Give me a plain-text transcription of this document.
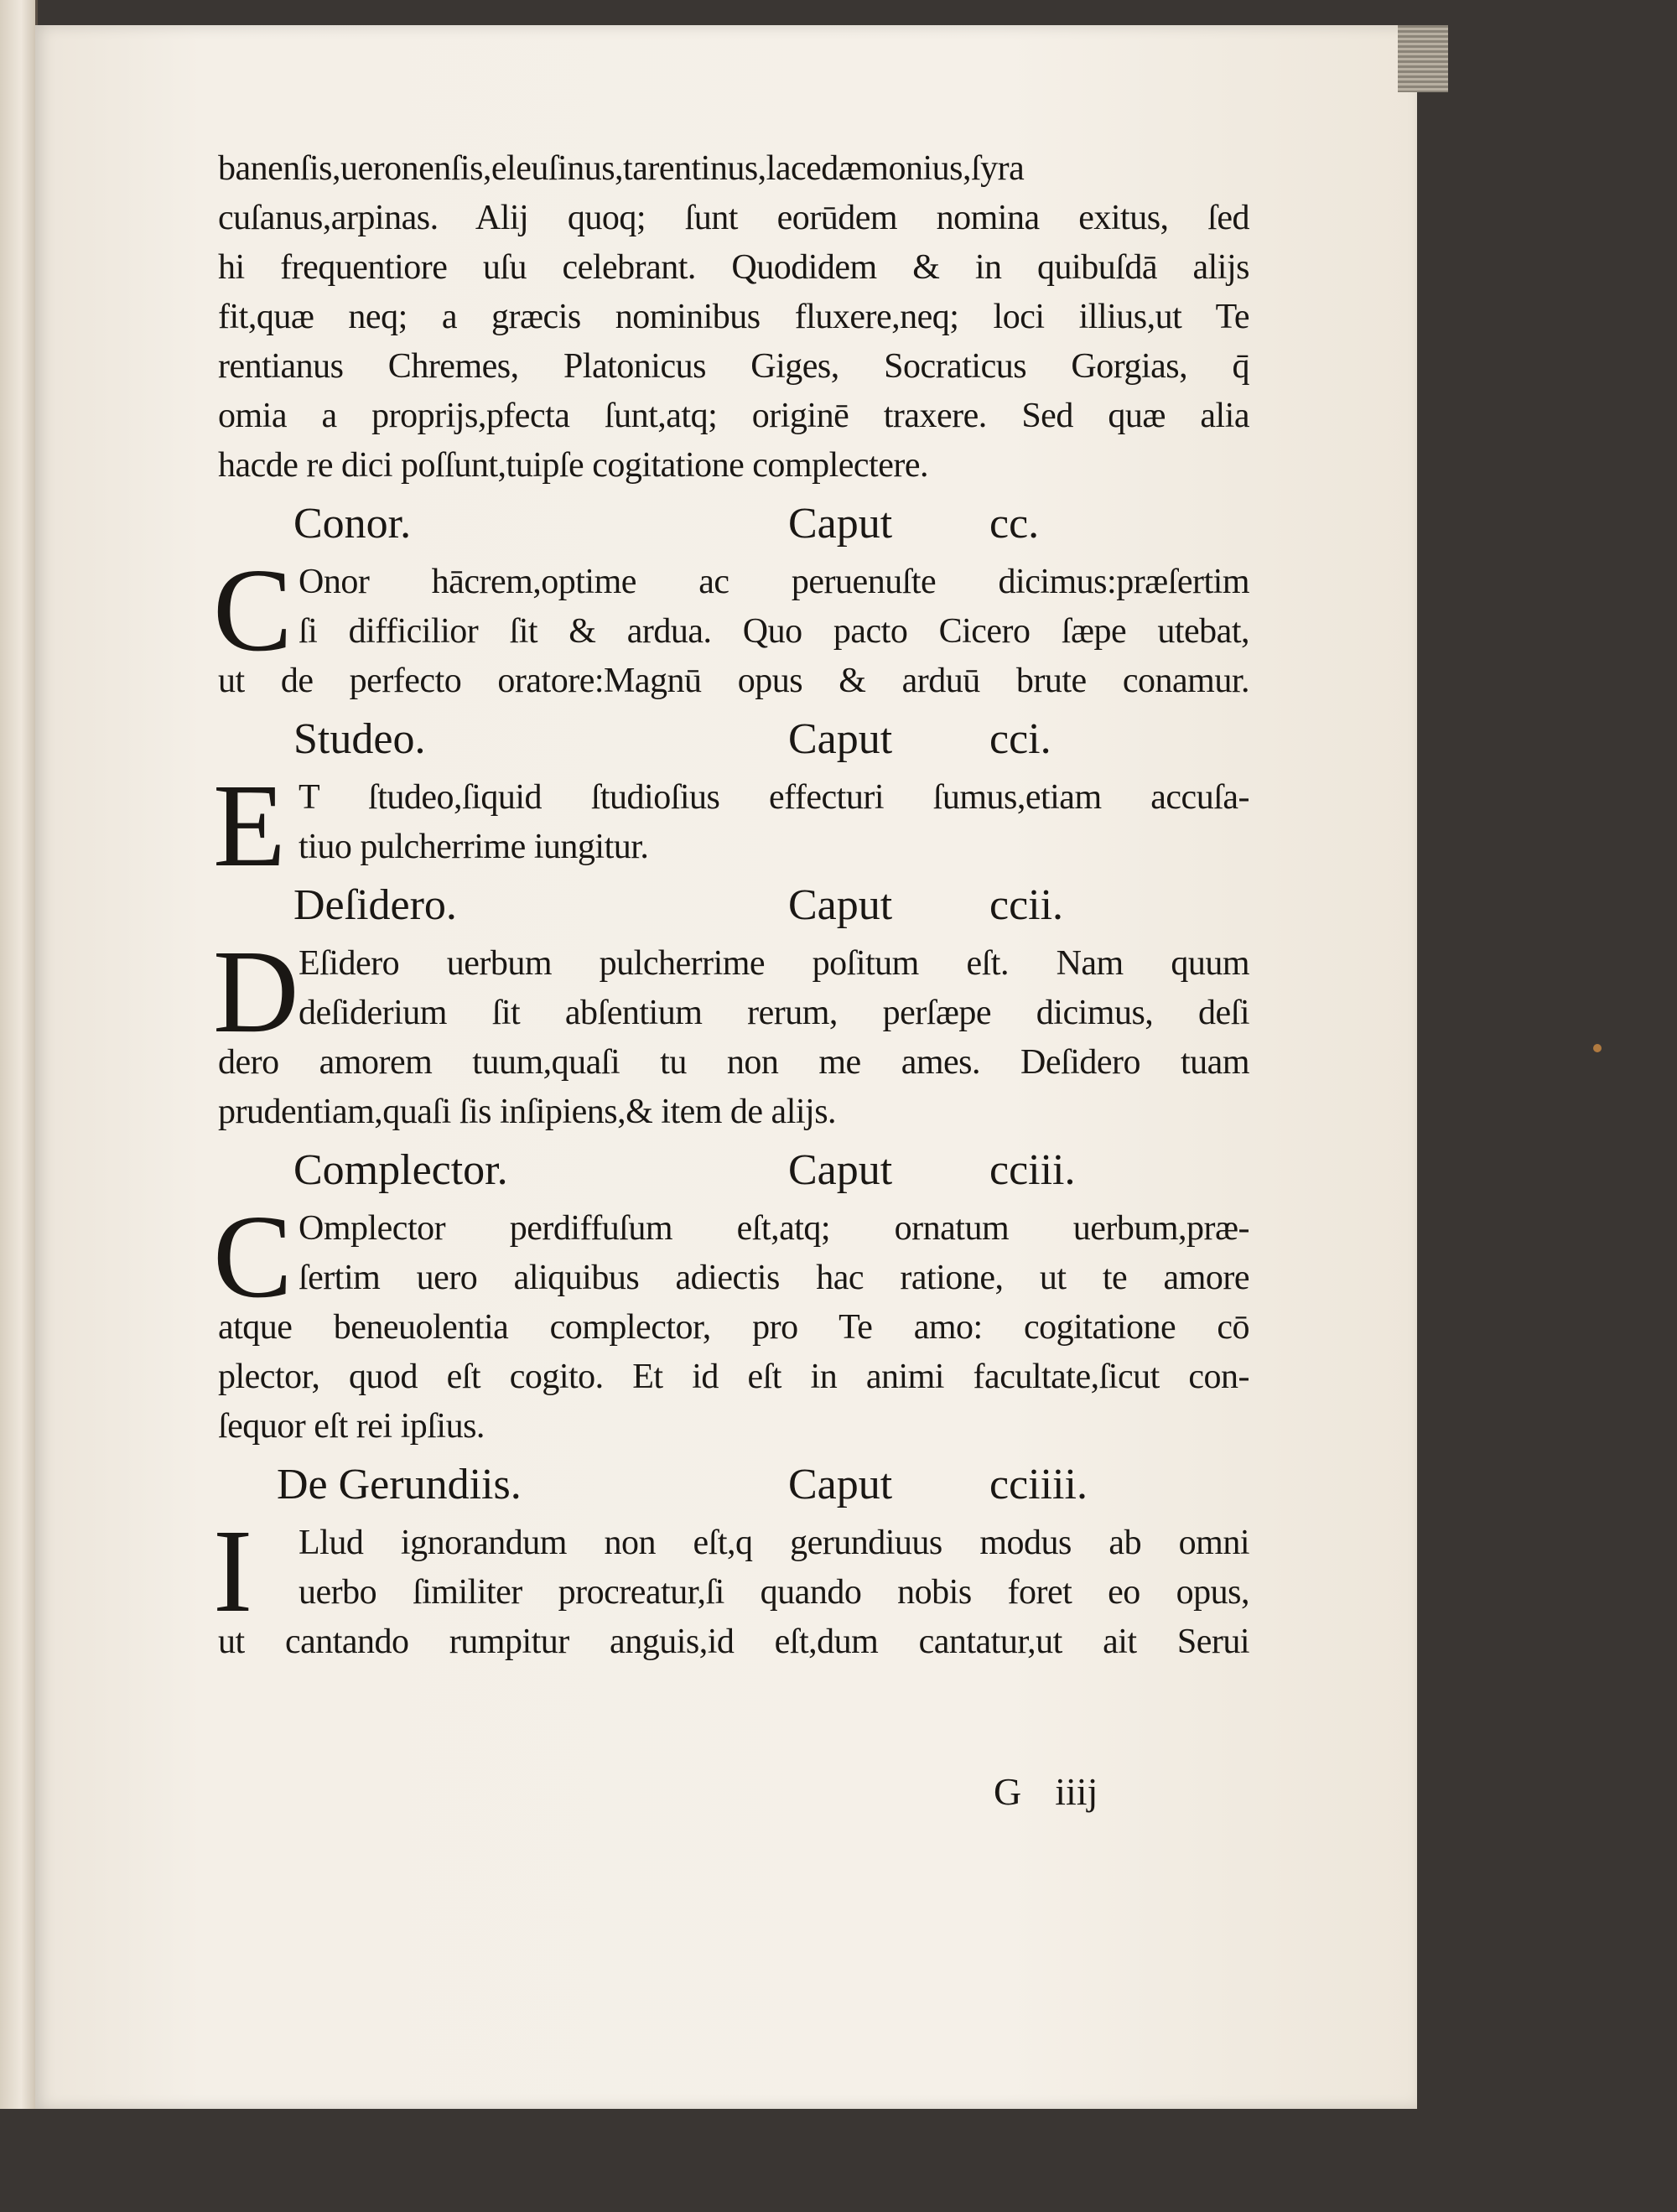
banenſis,ueronenſis,eleuſinus,tarentinus,lacedæmonius,ſyra
cuſanus,arpinas. Alij quoq; ſunt eorūdem nomina exitus, ſed
hi frequentiore uſu celebrant. Quodidem & in quibuſdā alijs
fit,quæ neq; a græcis nominibus fluxere,neq; loci illius,ut Te
rentianus Chremes, Platonicus Giges, Socraticus Gorgias, q̄
omia a proprijs,pfecta ſunt,atq; originē traxere. Sed quæ alia
hacde re dici poſſunt,tuipſe cogitatione complectere.
Conor.	Caput cc.
C Onor hācrem,optime ac peruenuſte dicimus:præſertim
ſi difficilior ſit & ardua. Quo pacto Cicero ſæpe utebat,
ut de perfecto oratore:Magnū opus & arduū brute conamur.
Studeo.	Caput cci.
E T ſtudeo,ſiquid ſtudioſius effecturi ſumus,etiam accuſa-
tiuo pulcherrime iungitur.
Deſidero.	Caput ccii.
D Eſidero uerbum pulcherrime poſitum eſt. Nam quum
deſiderium ſit abſentium rerum, perſæpe dicimus, deſi
dero amorem tuum,quaſi tu non me ames. Deſidero tuam
prudentiam,quaſi ſis inſipiens,& item de alijs.
Complector.	Caput cciii.
C Omplector perdiffuſum eſt,atq; ornatum uerbum,præ-
ſertim uero aliquibus adiectis hac ratione, ut te amore
atque beneuolentia complector, pro Te amo: cogitatione cō
plector, quod eſt cogito. Et id eſt in animi facultate,ſicut con-
ſequor eſt rei ipſius.
De Gerundiis.	Caput cciiii.
I	Llud ignorandum non eſt,q gerundiuus modus ab omni
uerbo ſimiliter procreatur,ſi quando nobis foret eo opus,
ut cantando rumpitur anguis,id eſt,dum cantatur,ut ait Serui
G iiij
